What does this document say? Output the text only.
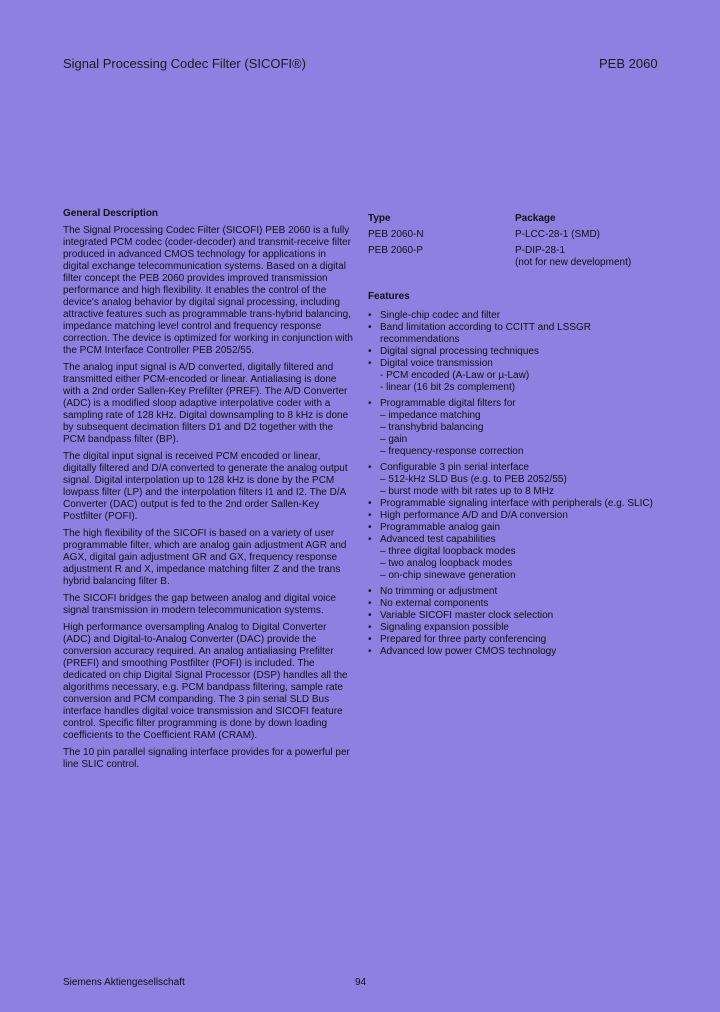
Signal Processing Codec Filter (SICOFI®)	PEB 2060
General Description
The Signal Processing Codec Filter (SICOFI) PEB 2060 is a fully integrated PCM codec (coder-decoder) and transmit-receive filter produced in advanced CMOS technology for applications in digital exchange telecommunication systems. Based on a digital filter concept the PEB 2060 provides improved transmission performance and high flexibility. It enables the control of the device's analog behavior by digital signal processing, including attractive features such as programmable trans-hybrid balancing, impedance matching level control and frequency response correction. The device is optimized for working in conjunction with the PCM Interface Controller PEB 2052/55.
The analog input signal is A/D converted, digitally filtered and transmitted either PCM-encoded or linear. Antialiasing is done with a 2nd order Sallen-Key Prefilter (PREF). The A/D Converter (ADC) is a modified sloop adaptive interpolative coder with a sampling rate of 128 kHz. Digital downsampling to 8 kHz is done by subsequent decimation filters D1 and D2 together with the PCM bandpass filter (BP).
The digital input signal is received PCM encoded or linear, digitally filtered and D/A converted to generate the analog output signal. Digital interpolation up to 128 kHz is done by the PCM lowpass filter (LP) and the interpolation filters I1 and I2. The D/A Converter (DAC) output is fed to the 2nd order Sallen-Key Postfilter (POFI).
The high flexibility of the SICOFI is based on a variety of user programmable filter, which are analog gain adjustment AGR and AGX, digital gain adjustment GR and GX, frequency response adjustment R and X, impedance matching filter Z and the trans hybrid balancing filter B.
The SICOFI bridges the gap between analog and digital voice signal transmission in modern telecommunication systems.
High performance oversampling Analog to Digital Converter (ADC) and Digital-to-Analog Converter (DAC) provide the conversion accuracy required. An analog antialiasing Prefilter (PREFI) and smoothing Postfilter (POFI) is included. The dedicated on chip Digital Signal Processor (DSP) handles all the algorithms necessary, e.g. PCM bandpass filtering, sample rate conversion and PCM companding. The 3 pin serial SLD Bus interface handles digital voice transmission and SICOFI feature control. Specific filter programming is done by down loading coefficients to the Coefficient RAM (CRAM).
The 10 pin parallel signaling interface provides for a powerful per line SLIC control.
Type	Package
PEB 2060-N	P-LCC-28-1 (SMD)
PEB 2060-P	P-DIP-28-1
(not for new development)
Features
• Single-chip codec and filter
• Band limitation according to CCITT and LSSGR recommendations
• Digital signal processing techniques
• Digital voice transmission
- PCM encoded (A-Law or µ-Law)
- linear (16 bit 2s complement)
• Programmable digital filters for
– impedance matching
– transhybrid balancing
– gain
– frequency-response correction
• Configurable 3 pin serial interface
– 512-kHz SLD Bus (e.g. to PEB 2052/55)
– burst mode with bit rates up to 8 MHz
• Programmable signaling interface with peripherals (e.g. SLIC)
• High performance A/D and D/A conversion
• Programmable analog gain
• Advanced test capabilities
– three digital loopback modes
– two analog loopback modes
– on-chip sinewave generation
• No trimming or adjustment
• No external components
• Variable SICOFI master clock selection
• Signaling expansion possible
• Prepared for three party conferencing
• Advanced low power CMOS technology
Siemens Aktiengesellschaft	94
